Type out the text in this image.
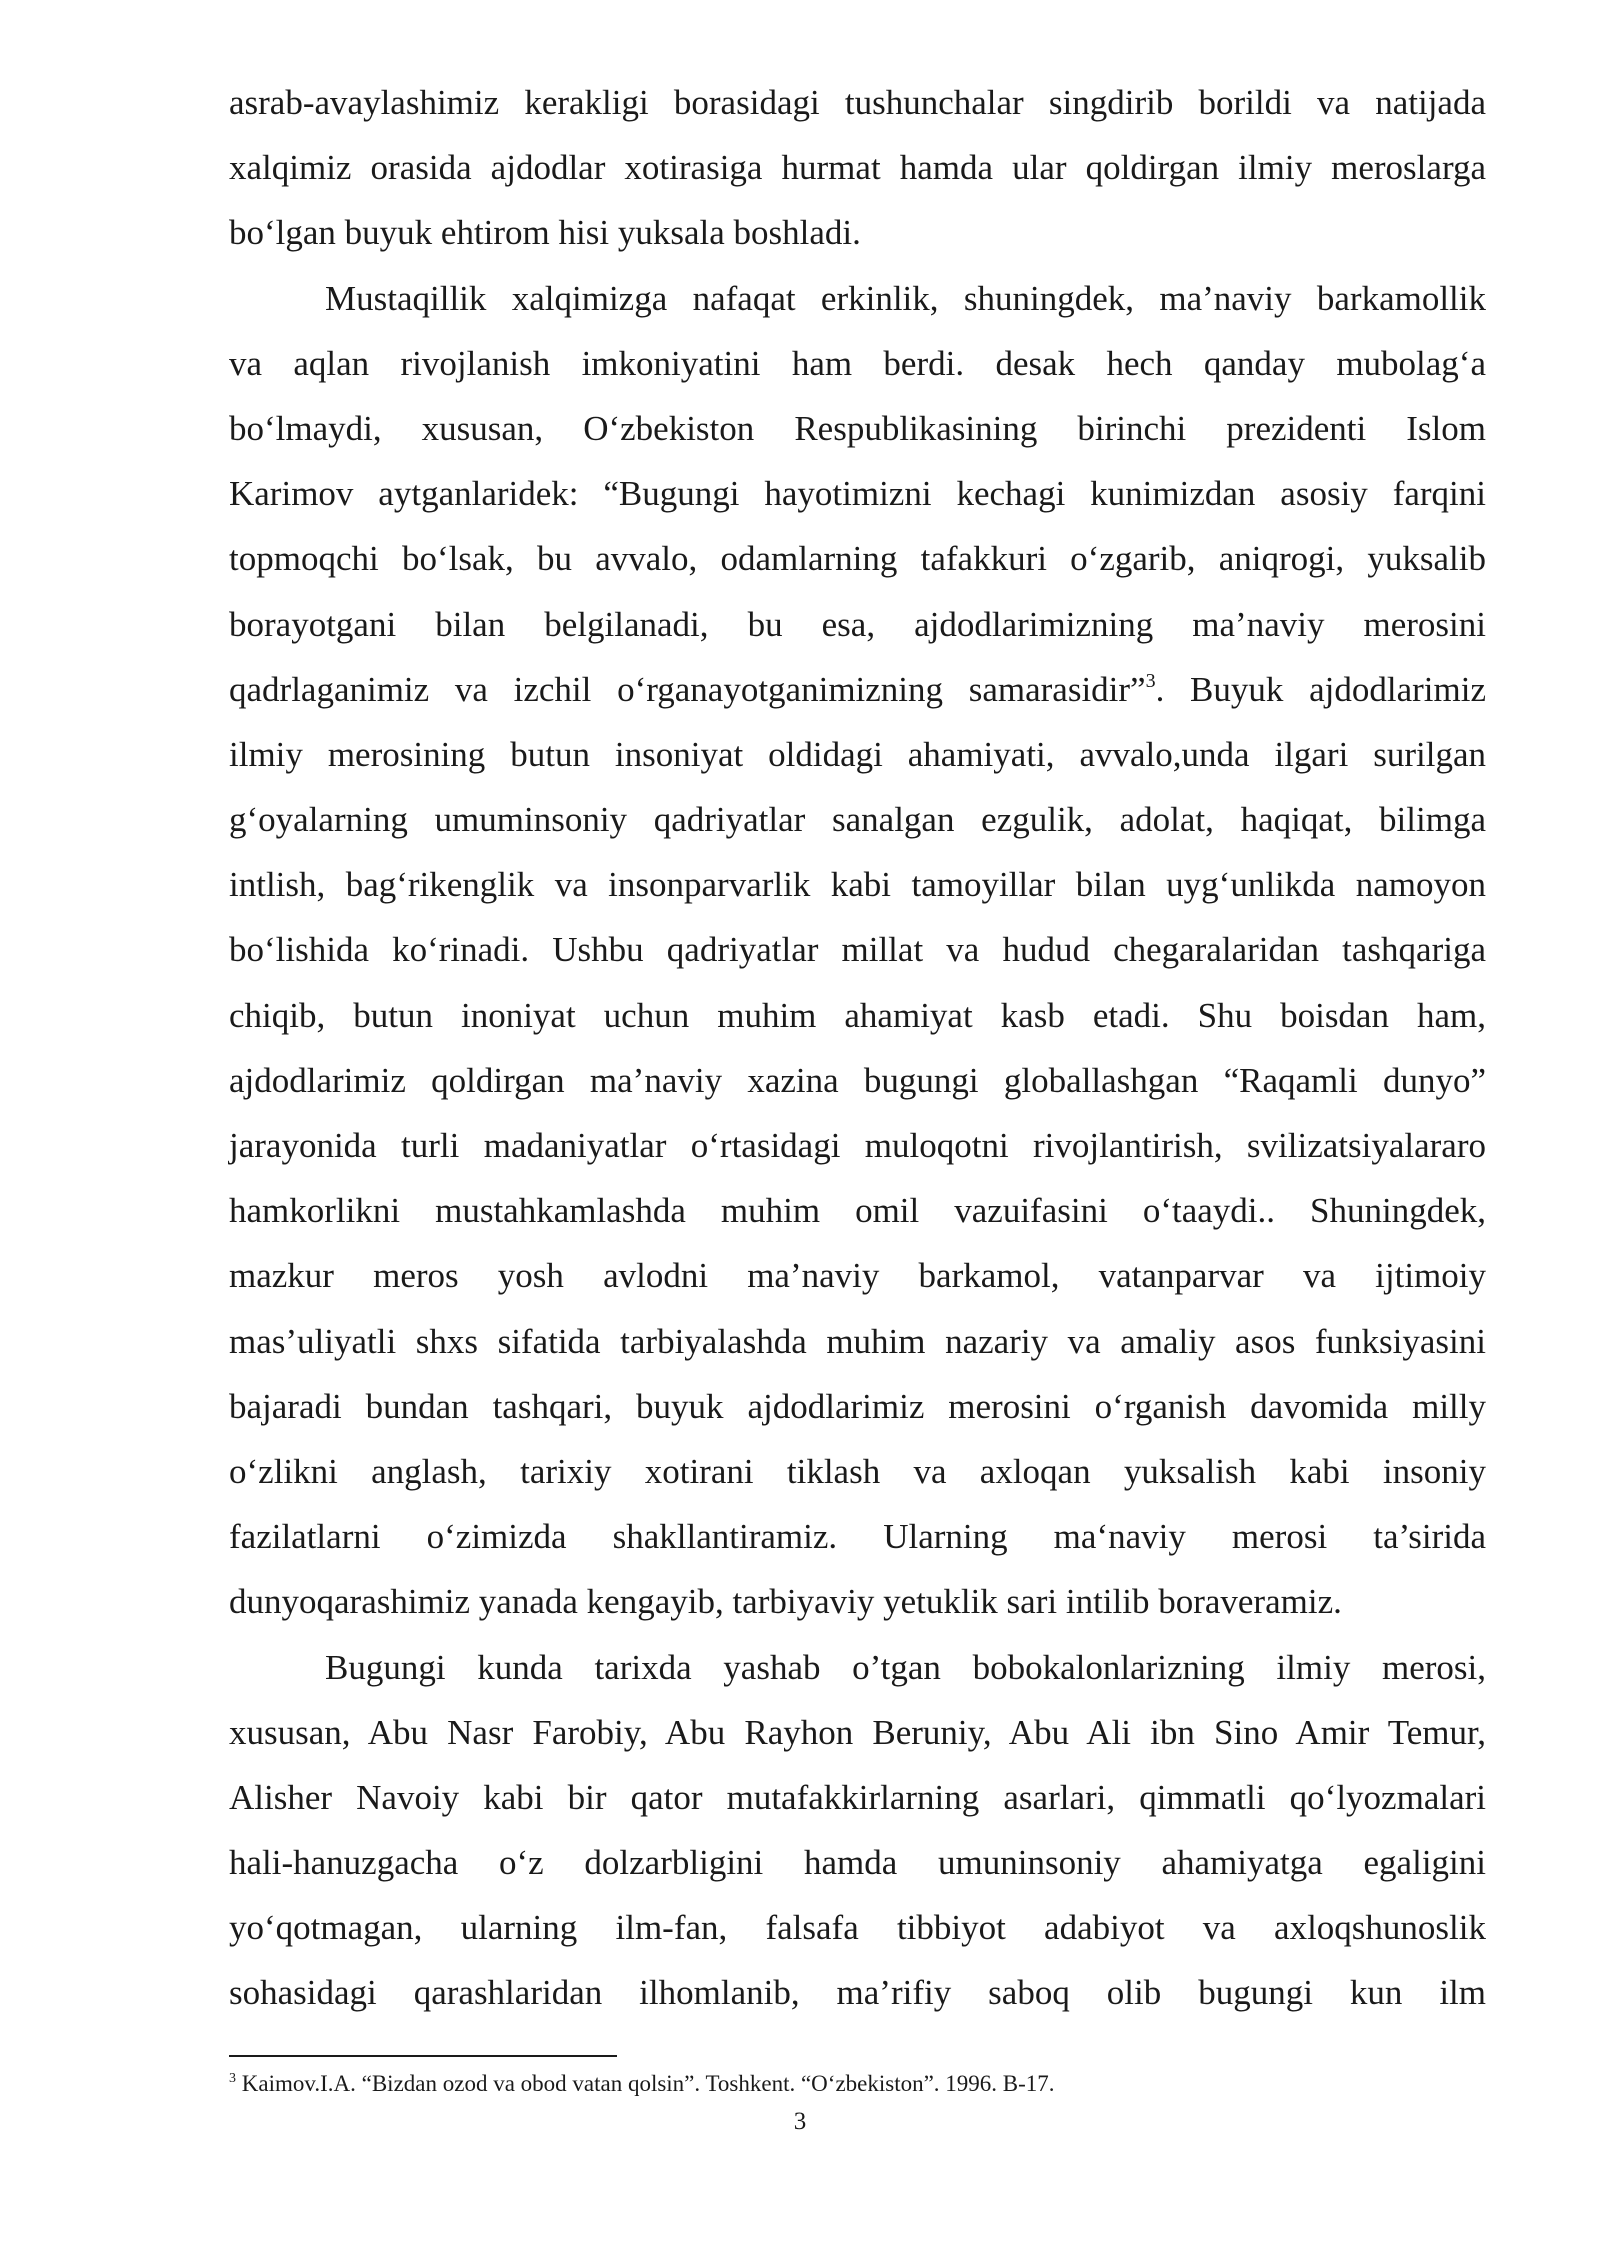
asrab-avaylashimiz kerakligi borasidagi tushunchalar singdirib borildi va natijada
xalqimiz orasida ajdodlar xotirasiga hurmat hamda ular qoldirgan ilmiy meroslarga
bo‘lgan buyuk ehtirom hisi yuksala boshladi.
Mustaqillik xalqimizga nafaqat erkinlik, shuningdek, ma’naviy barkamollik
va aqlan rivojlanish imkoniyatini ham berdi. desak hech qanday mubolag‘a
bo‘lmaydi, xususan, O‘zbekiston Respublikasining birinchi prezidenti Islom
Karimov aytganlaridek: “Bugungi hayotimizni kechagi kunimizdan asosiy farqini
topmoqchi bo‘lsak, bu avvalo, odamlarning tafakkuri o‘zgarib, aniqrogi, yuksalib
borayotgani bilan belgilanadi, bu esa, ajdodlarimizning ma’naviy merosini
qadrlaganimiz va izchil o‘rganayotganimizning samarasidir”$^3$. Buyuk ajdodlarimiz
ilmiy merosining butun insoniyat oldidagi ahamiyati, avvalo,unda ilgari surilgan
g‘oyalarning umuminsoniy qadriyatlar sanalgan ezgulik, adolat, haqiqat, bilimga
intlish, bag‘rikenglik va insonparvarlik kabi tamoyillar bilan uyg‘unlikda namoyon
bo‘lishida ko‘rinadi. Ushbu qadriyatlar millat va hudud chegaralaridan tashqariga
chiqib, butun inoniyat uchun muhim ahamiyat kasb etadi. Shu boisdan ham,
ajdodlarimiz qoldirgan ma’naviy xazina bugungi globallashgan “Raqamli dunyo”
jarayonida turli madaniyatlar o‘rtasidagi muloqotni rivojlantirish, svilizatsiyalararo
hamkorlikni mustahkamlashda muhim omil vazuifasini o‘taaydi.. Shuningdek,
mazkur meros yosh avlodni ma’naviy barkamol, vatanparvar va ijtimoiy
mas’uliyatli shxs sifatida tarbiyalashda muhim nazariy va amaliy asos funksiyasini
bajaradi bundan tashqari, buyuk ajdodlarimiz merosini o‘rganish davomida milly
o‘zlikni anglash, tarixiy xotirani tiklash va axloqan yuksalish kabi insoniy
fazilatlarni o‘zimizda shakllantiramiz. Ularning ma‘naviy merosi ta’sirida
dunyoqarashimiz yanada kengayib, tarbiyaviy yetuklik sari intilib boraveramiz.
Bugungi kunda tarixda yashab o’tgan bobokalonlarizning ilmiy merosi,
xususan, Abu Nasr Farobiy, Abu Rayhon Beruniy, Abu Ali ibn Sino Amir Temur,
Alisher Navoiy kabi bir qator mutafakkirlarning asarlari, qimmatli qo‘lyozmalari
hali-hanuzgacha o‘z dolzarbligini hamda umuninsoniy ahamiyatga egaligini
yo‘qotmagan, ularning ilm-fan, falsafa tibbiyot adabiyot va axloqshunoslik
sohasidagi qarashlaridan ilhomlanib, ma’rifiy saboq olib bugungi kun ilm
$^3$ Kaimov.I.A. “Bizdan ozod va obod vatan qolsin”. Toshkent. “O‘zbekiston”. 1996. B-17.
3
